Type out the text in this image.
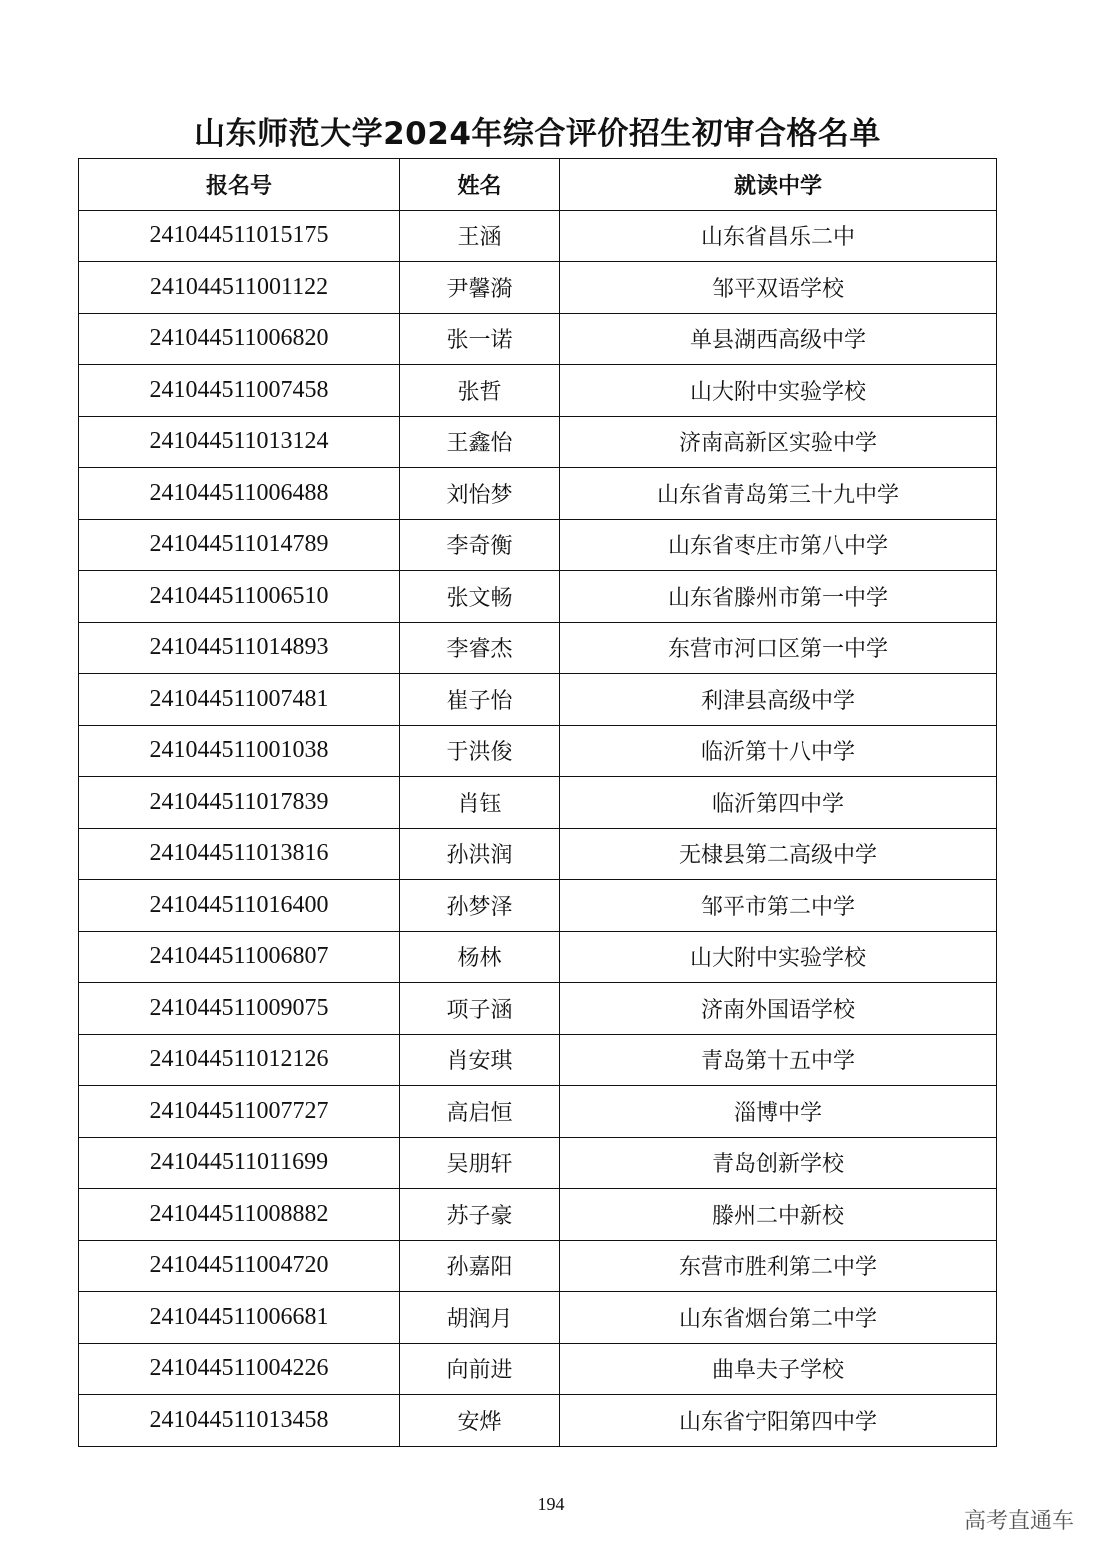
山东师范大学2024年综合评价招生初审合格名单
报名号	姓名	就读中学
241044511015175	王涵	山东省昌乐二中
241044511001122	尹馨漪	邹平双语学校
241044511006820	张一诺	单县湖西高级中学
241044511007458	张哲	山大附中实验学校
241044511013124	王鑫怡	济南高新区实验中学
241044511006488	刘怡梦	山东省青岛第三十九中学
241044511014789	李奇衡	山东省枣庄市第八中学
241044511006510	张文畅	山东省滕州市第一中学
241044511014893	李睿杰	东营市河口区第一中学
241044511007481	崔子怡	利津县高级中学
241044511001038	于洪俊	临沂第十八中学
241044511017839	肖钰	临沂第四中学
241044511013816	孙洪润	无棣县第二高级中学
241044511016400	孙梦泽	邹平市第二中学
241044511006807	杨林	山大附中实验学校
241044511009075	项子涵	济南外国语学校
241044511012126	肖安琪	青岛第十五中学
241044511007727	高启恒	淄博中学
241044511011699	吴朋轩	青岛创新学校
241044511008882	苏子豪	滕州二中新校
241044511004720	孙嘉阳	东营市胜利第二中学
241044511006681	胡润月	山东省烟台第二中学
241044511004226	向前进	曲阜夫子学校
241044511013458	安烨	山东省宁阳第四中学
194
高考直通车
